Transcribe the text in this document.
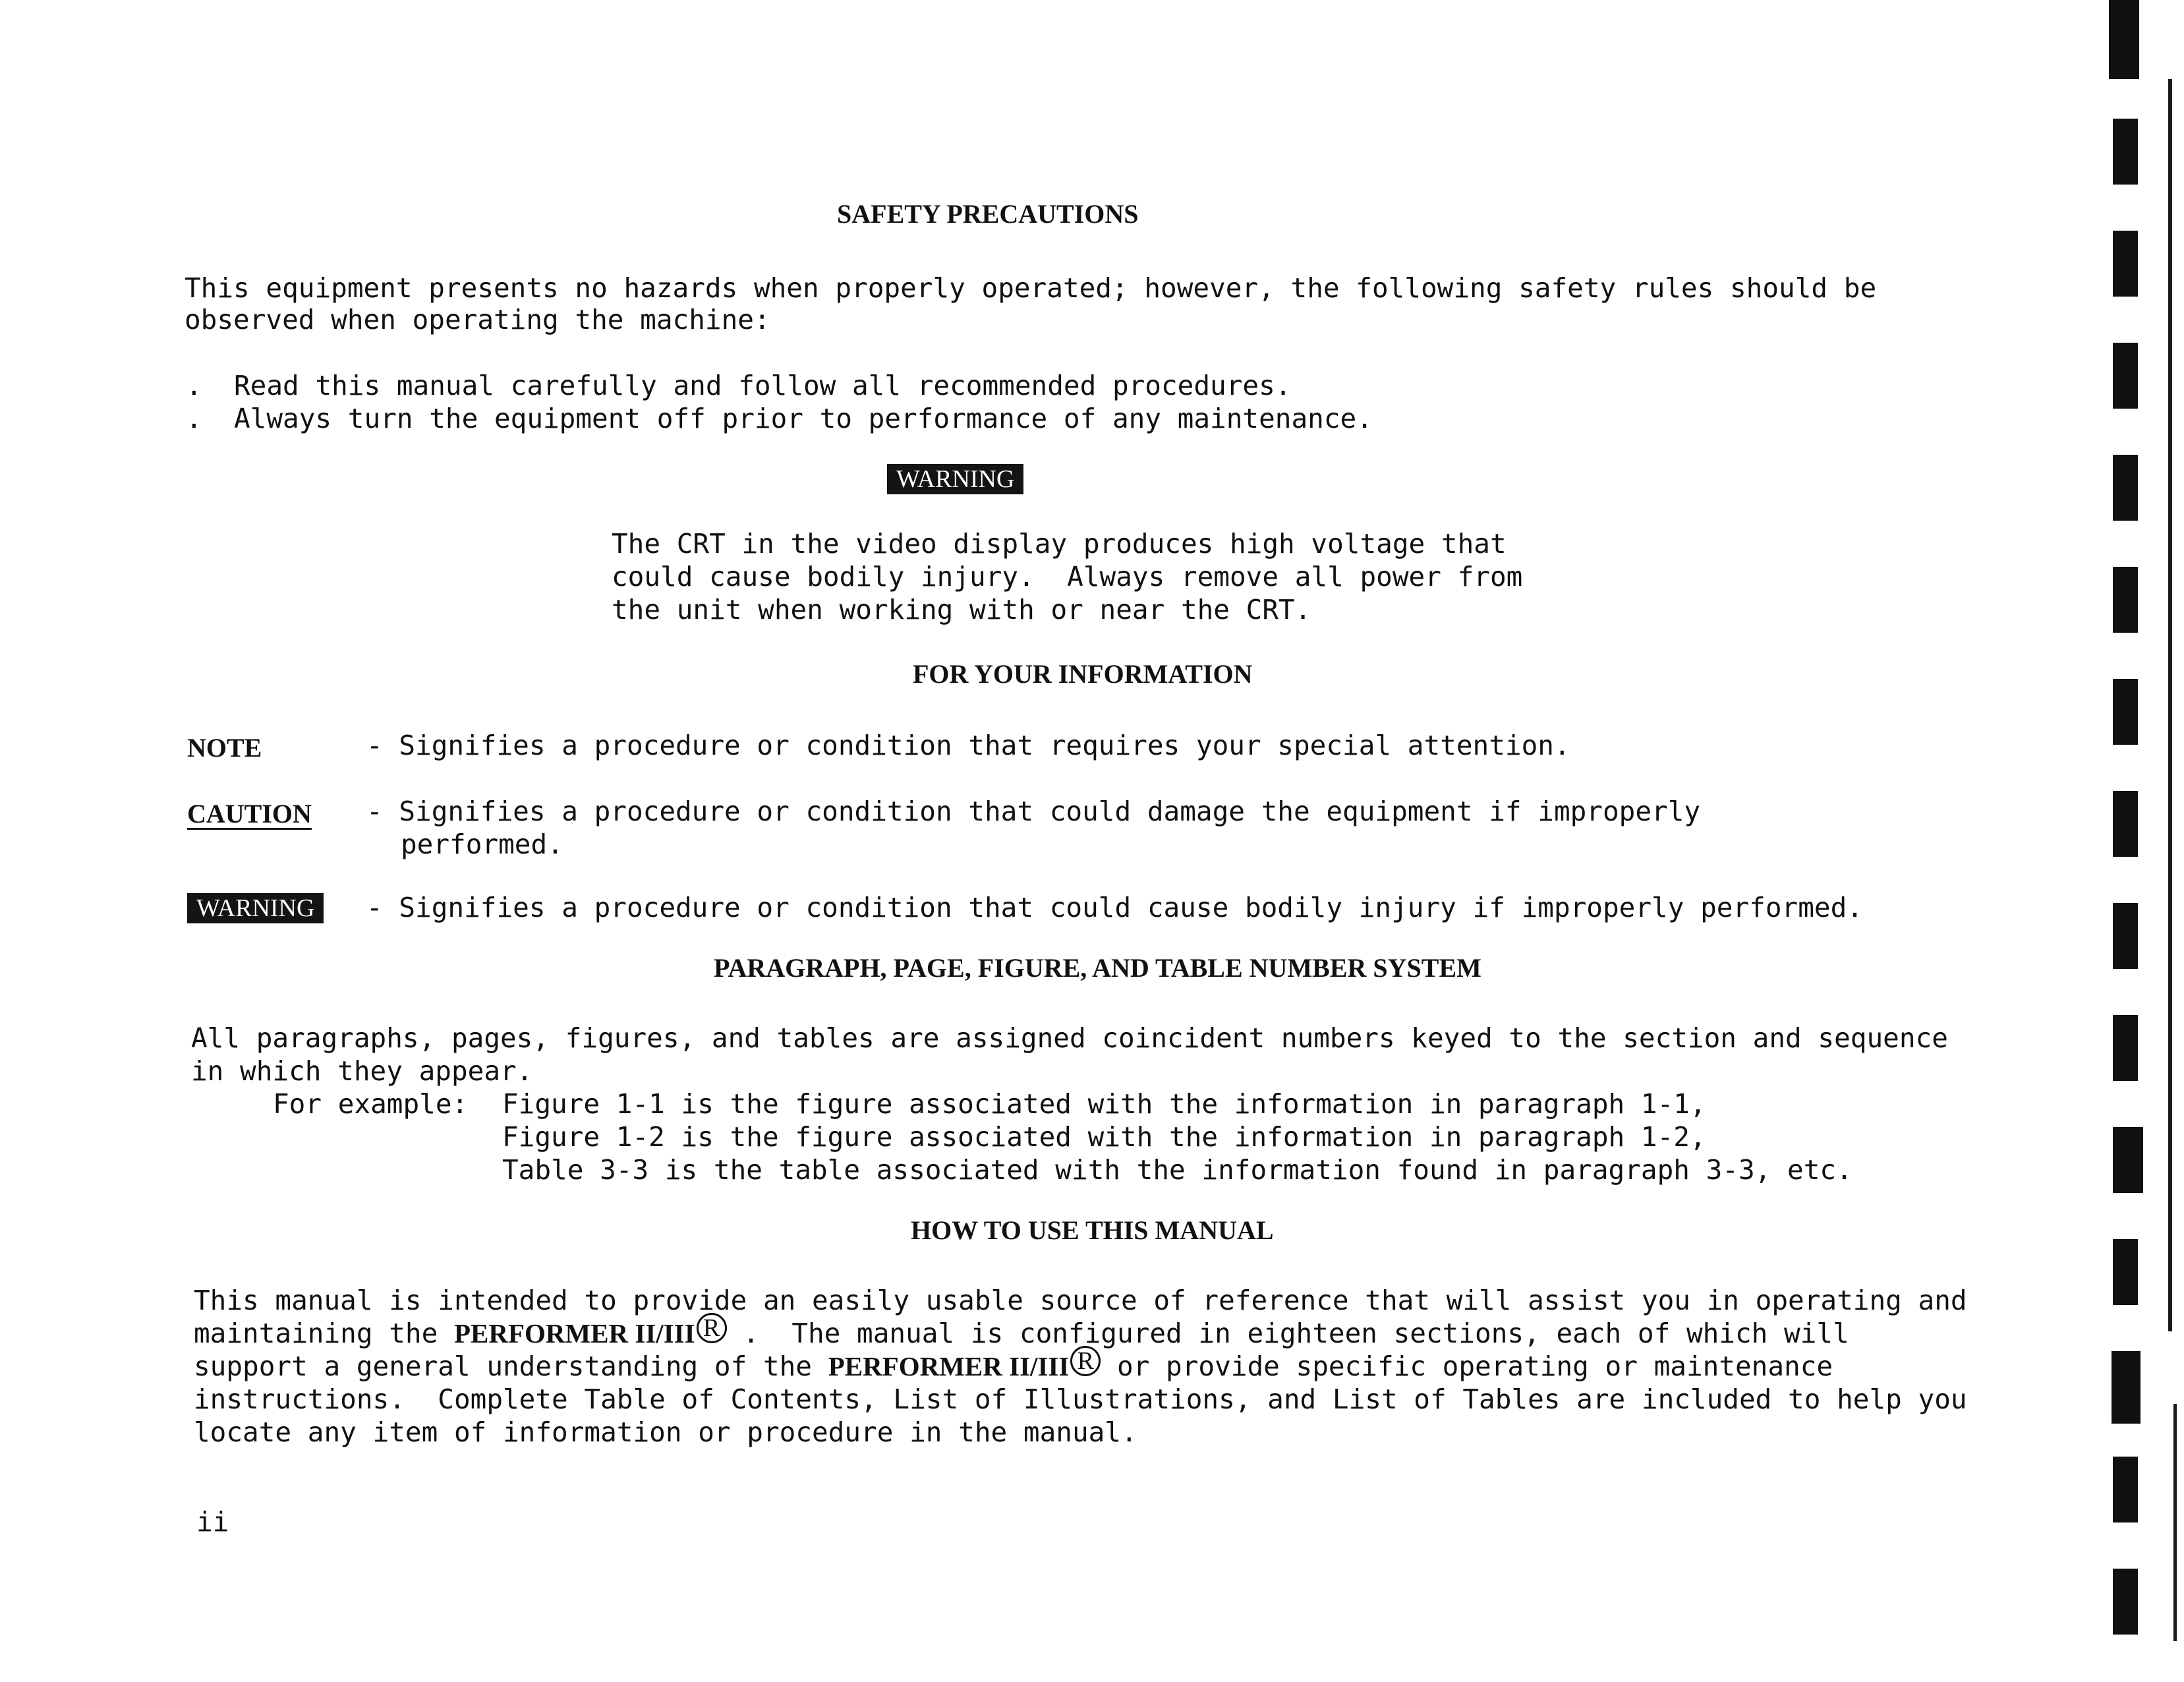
SAFETY PRECAUTIONS
This equipment presents no hazards when properly operated; however, the following safety rules should be
observed when operating the machine:
. Read this manual carefully and follow all recommended procedures.
. Always turn the equipment off prior to performance of any maintenance.
WARNING
The CRT in the video display produces high voltage that
could cause bodily injury.  Always remove all power from
the unit when working with or near the CRT.
FOR YOUR INFORMATION
NOTE	- Signifies a procedure or condition that requires your special attention.
CAUTION - Signifies a procedure or condition that could damage the equipment if improperly
performed.
WARNING	- Signifies a procedure or condition that could cause bodily injury if improperly performed.
PARAGRAPH, PAGE, FIGURE, AND TABLE NUMBER SYSTEM
All paragraphs, pages, figures, and tables are assigned coincident numbers keyed to the section and sequence
in which they appear.
For example: Figure 1-1 is the figure associated with the information in paragraph 1-1,
Figure 1-2 is the figure associated with the information in paragraph 1-2,
Table 3-3 is the table associated with the information found in paragraph 3-3, etc.
HOW TO USE THIS MANUAL
This manual is intended to provide an easily usable source of reference that will assist you in operating and
maintaining the PERFORMER II/III R .  The manual is configured in eighteen sections, each of which will
support a general understanding of the PERFORMER II/III R or provide specific operating or maintenance
instructions.  Complete Table of Contents, List of Illustrations, and List of Tables are included to help you
locate any item of information or procedure in the manual.
ii
